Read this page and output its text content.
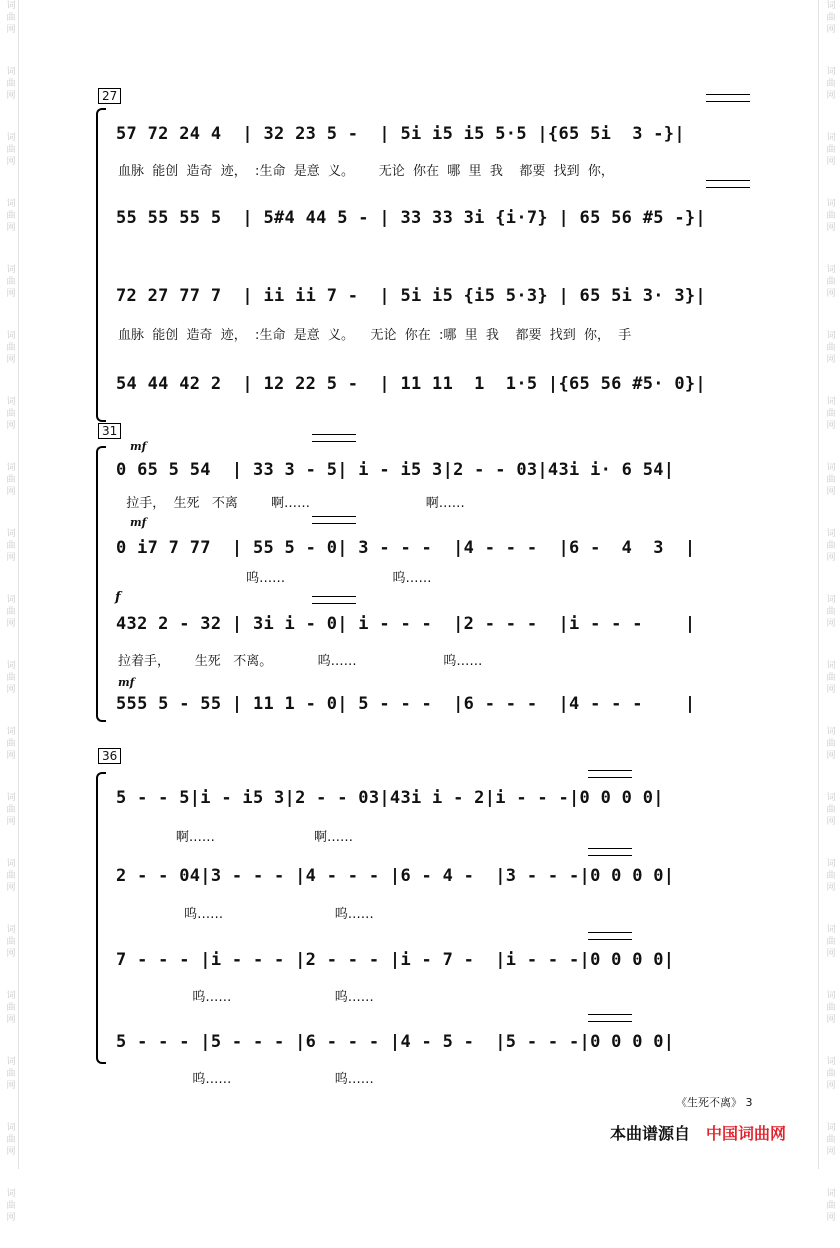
词
曲
网
词
曲
网
词
曲
网
词
曲
网
词
曲
网
词
曲
网
词
曲
网
词
曲
网
词
曲
网
词
曲
网
词
曲
网
词
曲
网
词
曲
网
词
曲
网
词
曲
网
词
曲
网
词
曲
网
词
曲
网
词
曲
网
词
曲
网
词
曲
网
词
曲
网
词
曲
网
词
曲
网
词
曲
网
词
曲
网
词
曲
网
词
曲
网
词
曲
网
词
曲
网
词
曲
网
词
曲
网
词
曲
网
词
曲
网
词
曲
网
词
曲
网
词
曲
网
词
曲
网
27
57 72 24 4  | 32 23 5 -  | 5i i5 i5 5·5 |{65 5i  3 -}|
血脉  能创  造奇  迹，  :生命  是意  义。      无论  你在  哪  里  我    都要  找到  你，
55 55 55 5  | 5#4 44 5 - | 33 33 3i {i·7} | 65 56 #5 -}|
72 27 77 7  | ii ii 7 -  | 5i i5 {i5 5·3} | 65 5i 3· 3}|
血脉  能创  造奇  迹，  :生命  是意  义。    无论  你在  :哪  里  我    都要  找到  你，  手
54 44 42 2  | 12 22 5 -  | 11 11  1  1·5 |{65 56 #5· 0}|
31
mf
0 65 5 54  | 33 3 - 5| i - i5 3|2 - - 03|43i i· 6 54|
拉手，  生死   不离        啊……                            啊……
mf
0 i7 7 77  | 55 5 - 0| 3 - - -  |4 - - -  |6 -  4  3  |
呜……                          呜……
f
432 2 - 32 | 3i i - 0| i - - -  |2 - - -  |i - - -    |
拉着手，      生死   不离。           呜……                     呜……
mf
555 5 - 55 | 11 1 - 0| 5 - - -  |6 - - -  |4 - - -    |
36
5 - - 5|i - i5 3|2 - - 03|43i i - 2|i - - -|0 0 0 0|
啊……                        啊……
2 - - 04|3 - - - |4 - - - |6 - 4 -  |3 - - -|0 0 0 0|
呜……                           呜……
7 - - - |i - - - |2 - - - |i - 7 -  |i - - -|0 0 0 0|
呜……                         呜……
5 - - - |5 - - - |6 - - - |4 - 5 -  |5 - - -|0 0 0 0|
呜……                         呜……
《生死不离》 3
本曲谱源自 中国词曲网
